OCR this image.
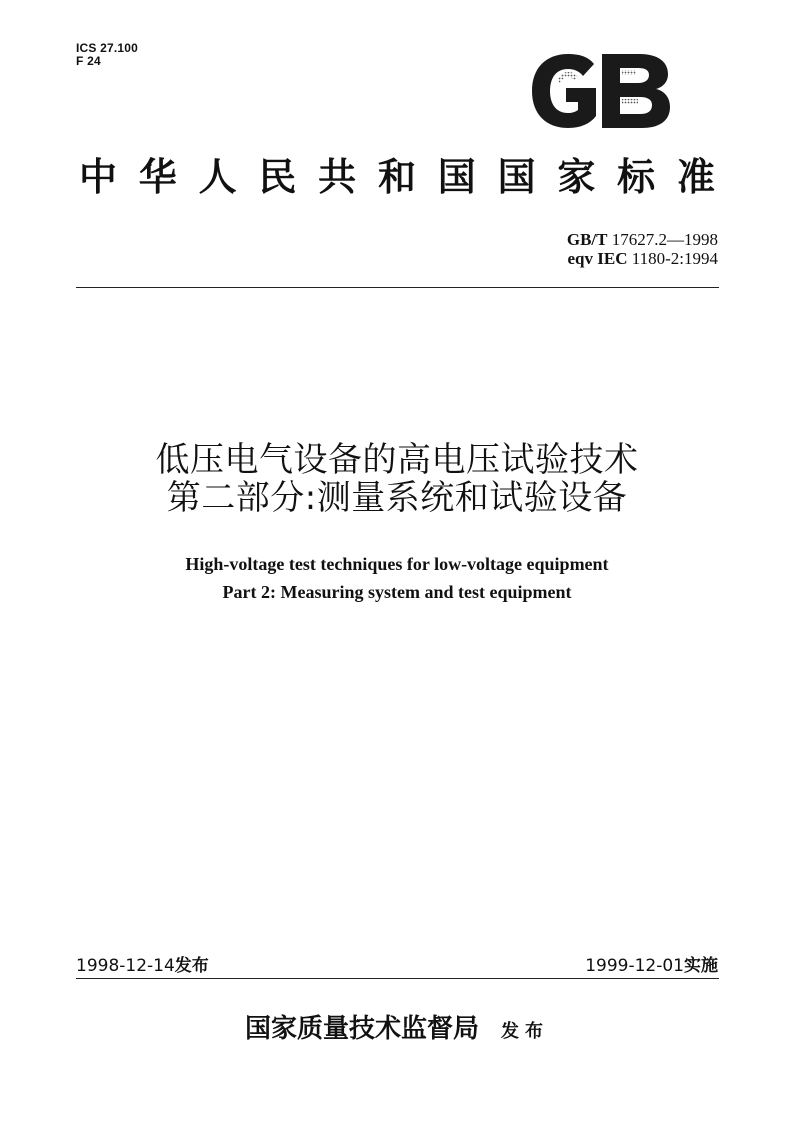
ICS 27.100
F 24
中 华 人 民 共 和 国 国 家 标 准
GB/T 17627.2—1998
eqv IEC 1180-2:1994
低压电气设备的高电压试验技术
第二部分:测量系统和试验设备
High-voltage test techniques for low-voltage equipment
Part 2: Measuring system and test equipment
1998-12-14发布	1999-12-01实施
国家质量技术监督局 发布
